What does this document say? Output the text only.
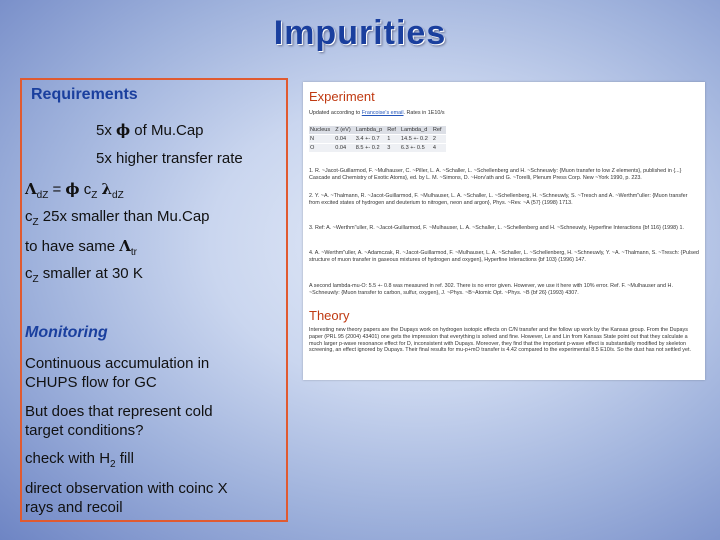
Impurities
Requirements
5x ϕ of Mu.Cap
5x higher transfer rate
$\Lambda_{dZ} = \phi$ $c_Z$ $\lambda_{dZ}$
$c_Z$ 25x smaller than Mu.Cap
to have same $\Lambda_{tr}$
$c_Z$ smaller at 30 K
Monitoring
Continuous accumulation in CHUPS flow for GC
But does that represent cold target conditions?
check with $H_2$ fill
direct observation with coinc X rays and recoil
Experiment
Updated according to Francoise's email. Rates in 1E10/s
Nucleus	Z (eV)	Lambda_p	Ref	Lambda_d	Ref
N	0.04	3.4 +- 0.7	1	14.5 +- 0.2	2
O	0.04	8.5 +- 0.2	3	6.3 +- 0.5	4
1. R. ~Jacot-Guillarmod, F. ~Mulhauser, C. ~Piller, L. A. ~Schaller, L. ~Schellenberg and H. ~Schneuwly: {Muon transfer to low Z elements}, published in {...} Cascade and Chemistry of Exotic Atoms}, ed. by L. M. ~Simons, D. ~Horv'ath and G. ~Torelli, Plenum Press Corp. New ~York 1990, p. 223.
2. Y. ~A. ~Thalmann, R. ~Jacot-Guillarmod, F. ~Mulhauser, L. A. ~Schaller, L. ~Schellenberg, H. ~Schneuwly, S. ~Tresch and A. ~Werthm"uller: {Muon transfer from excited states of hydrogen and deuterium to nitrogen, neon and argon}, Phys. ~Rev. ~A {57} (1998) 1713.
3. Ref: A. ~Werthm"uller, R. ~Jacot-Guillarmod, F. ~Mulhauser, L. A. ~Schaller, L. ~Schellenberg and H. ~Schneuwly, Hyperfine Interactions {bf 116} (1998) 1.
4. A. ~Werthm"uller, A. ~Adamczak, R. ~Jacot-Guillarmod, F. ~Mulhauser, L. A. ~Schaller, L. ~Schellenberg, H. ~Schneuwly, Y. ~A. ~Thalmann, S. ~Tresch: {Pulsed structure of muon transfer in gaseous mixtures of hydrogen and oxygen}, Hyperfine Interactions {bf 103} (1996) 147.
A second lambda-mu-O: 5.5 +- 0.8 was measured in ref. 302. There is no error given. However, we use it here with 10% error. Ref. F. ~Mulhauser and H. ~Schneuwly: {Muon transfer to carbon, sulfur, oxygen}, J. ~Phys. ~B~Atomic Opt. ~Phys. ~B {bf 26} (1993) 4307.
Theory
Interesting new theory papers are the Dupays work on hydrogen isotopic effects on C/N transfer and the follow up work by the Kansas group. From the Dupays paper (PRL 95 (2004) 43401) one gets the impression that everything is solved and fine. However, Le and Lin from Kansas State point out that they calculate a much larger p-wave resonance effect for D, inconsistent with Dupays. Moreover, they find that the important p-wave effect is substantially modified by skeleton screening, an effect ignored by Dupays. Their final results for mu-p+mO transfer is 4.42 compared to the experimental 8.5 E10/s. So the dust has not settled yet.
